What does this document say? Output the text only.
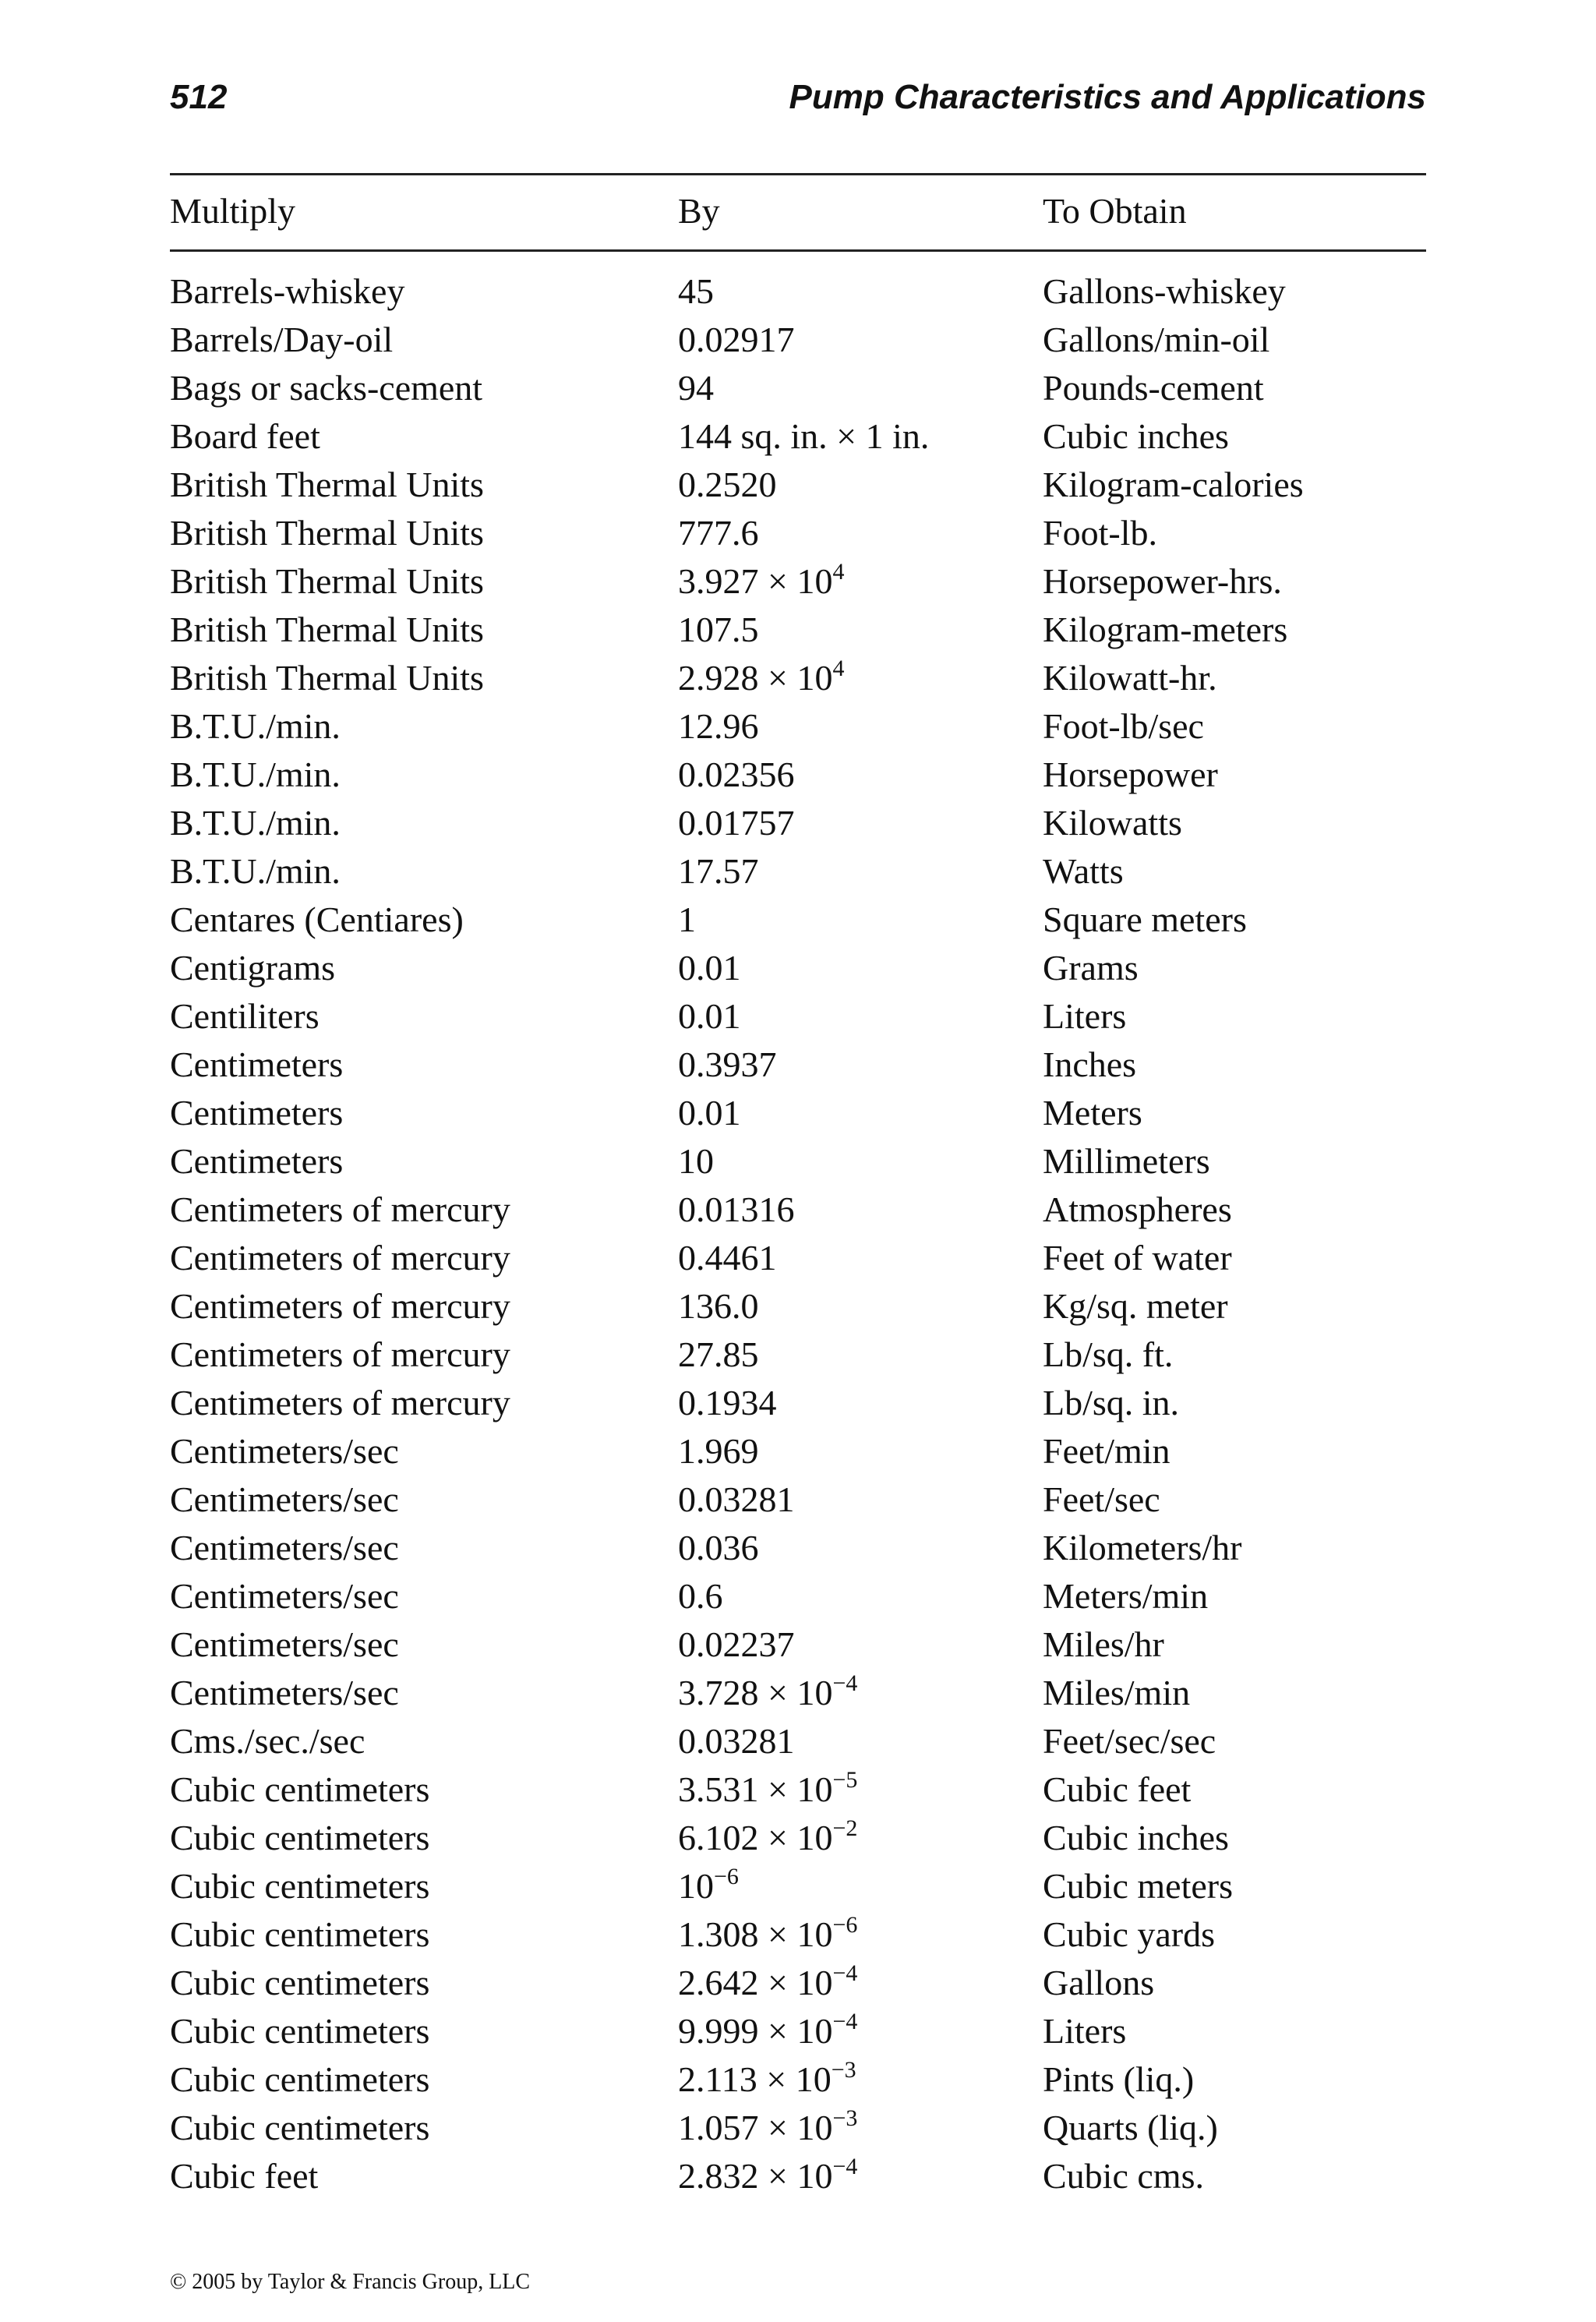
512	Pump Characteristics and Applications
Multiply	By	To Obtain
Barrels-whiskey	45	Gallons-whiskey
Barrels/Day-oil	0.02917	Gallons/min-oil
Bags or sacks-cement	94	Pounds-cement
Board feet	144 sq. in. × 1 in.	Cubic inches
British Thermal Units	0.2520	Kilogram-calories
British Thermal Units	777.6	Foot-lb.
British Thermal Units	$3.927 \times 10^4$	Horsepower-hrs.
British Thermal Units	107.5	Kilogram-meters
British Thermal Units	$2.928 \times 10^4$	Kilowatt-hr.
B.T.U./min.	12.96	Foot-lb/sec
B.T.U./min.	0.02356	Horsepower
B.T.U./min.	0.01757	Kilowatts
B.T.U./min.	17.57	Watts
Centares (Centiares)	1	Square meters
Centigrams	0.01	Grams
Centiliters	0.01	Liters
Centimeters	0.3937	Inches
Centimeters	0.01	Meters
Centimeters	10	Millimeters
Centimeters of mercury	0.01316	Atmospheres
Centimeters of mercury	0.4461	Feet of water
Centimeters of mercury	136.0	Kg/sq. meter
Centimeters of mercury	27.85	Lb/sq. ft.
Centimeters of mercury	0.1934	Lb/sq. in.
Centimeters/sec	1.969	Feet/min
Centimeters/sec	0.03281	Feet/sec
Centimeters/sec	0.036	Kilometers/hr
Centimeters/sec	0.6	Meters/min
Centimeters/sec	0.02237	Miles/hr
Centimeters/sec	$3.728 \times 10^{-4}$	Miles/min
Cms./sec./sec	0.03281	Feet/sec/sec
Cubic centimeters	$3.531 \times 10^{-5}$	Cubic feet
Cubic centimeters	$6.102 \times 10^{-2}$	Cubic inches
Cubic centimeters	$10^{-6}$	Cubic meters
Cubic centimeters	$1.308 \times 10^{-6}$	Cubic yards
Cubic centimeters	$2.642 \times 10^{-4}$	Gallons
Cubic centimeters	$9.999 \times 10^{-4}$	Liters
Cubic centimeters	$2.113 \times 10^{-3}$	Pints (liq.)
Cubic centimeters	$1.057 \times 10^{-3}$	Quarts (liq.)
Cubic feet	$2.832 \times 10^{-4}$	Cubic cms.
© 2005 by Taylor & Francis Group, LLC
